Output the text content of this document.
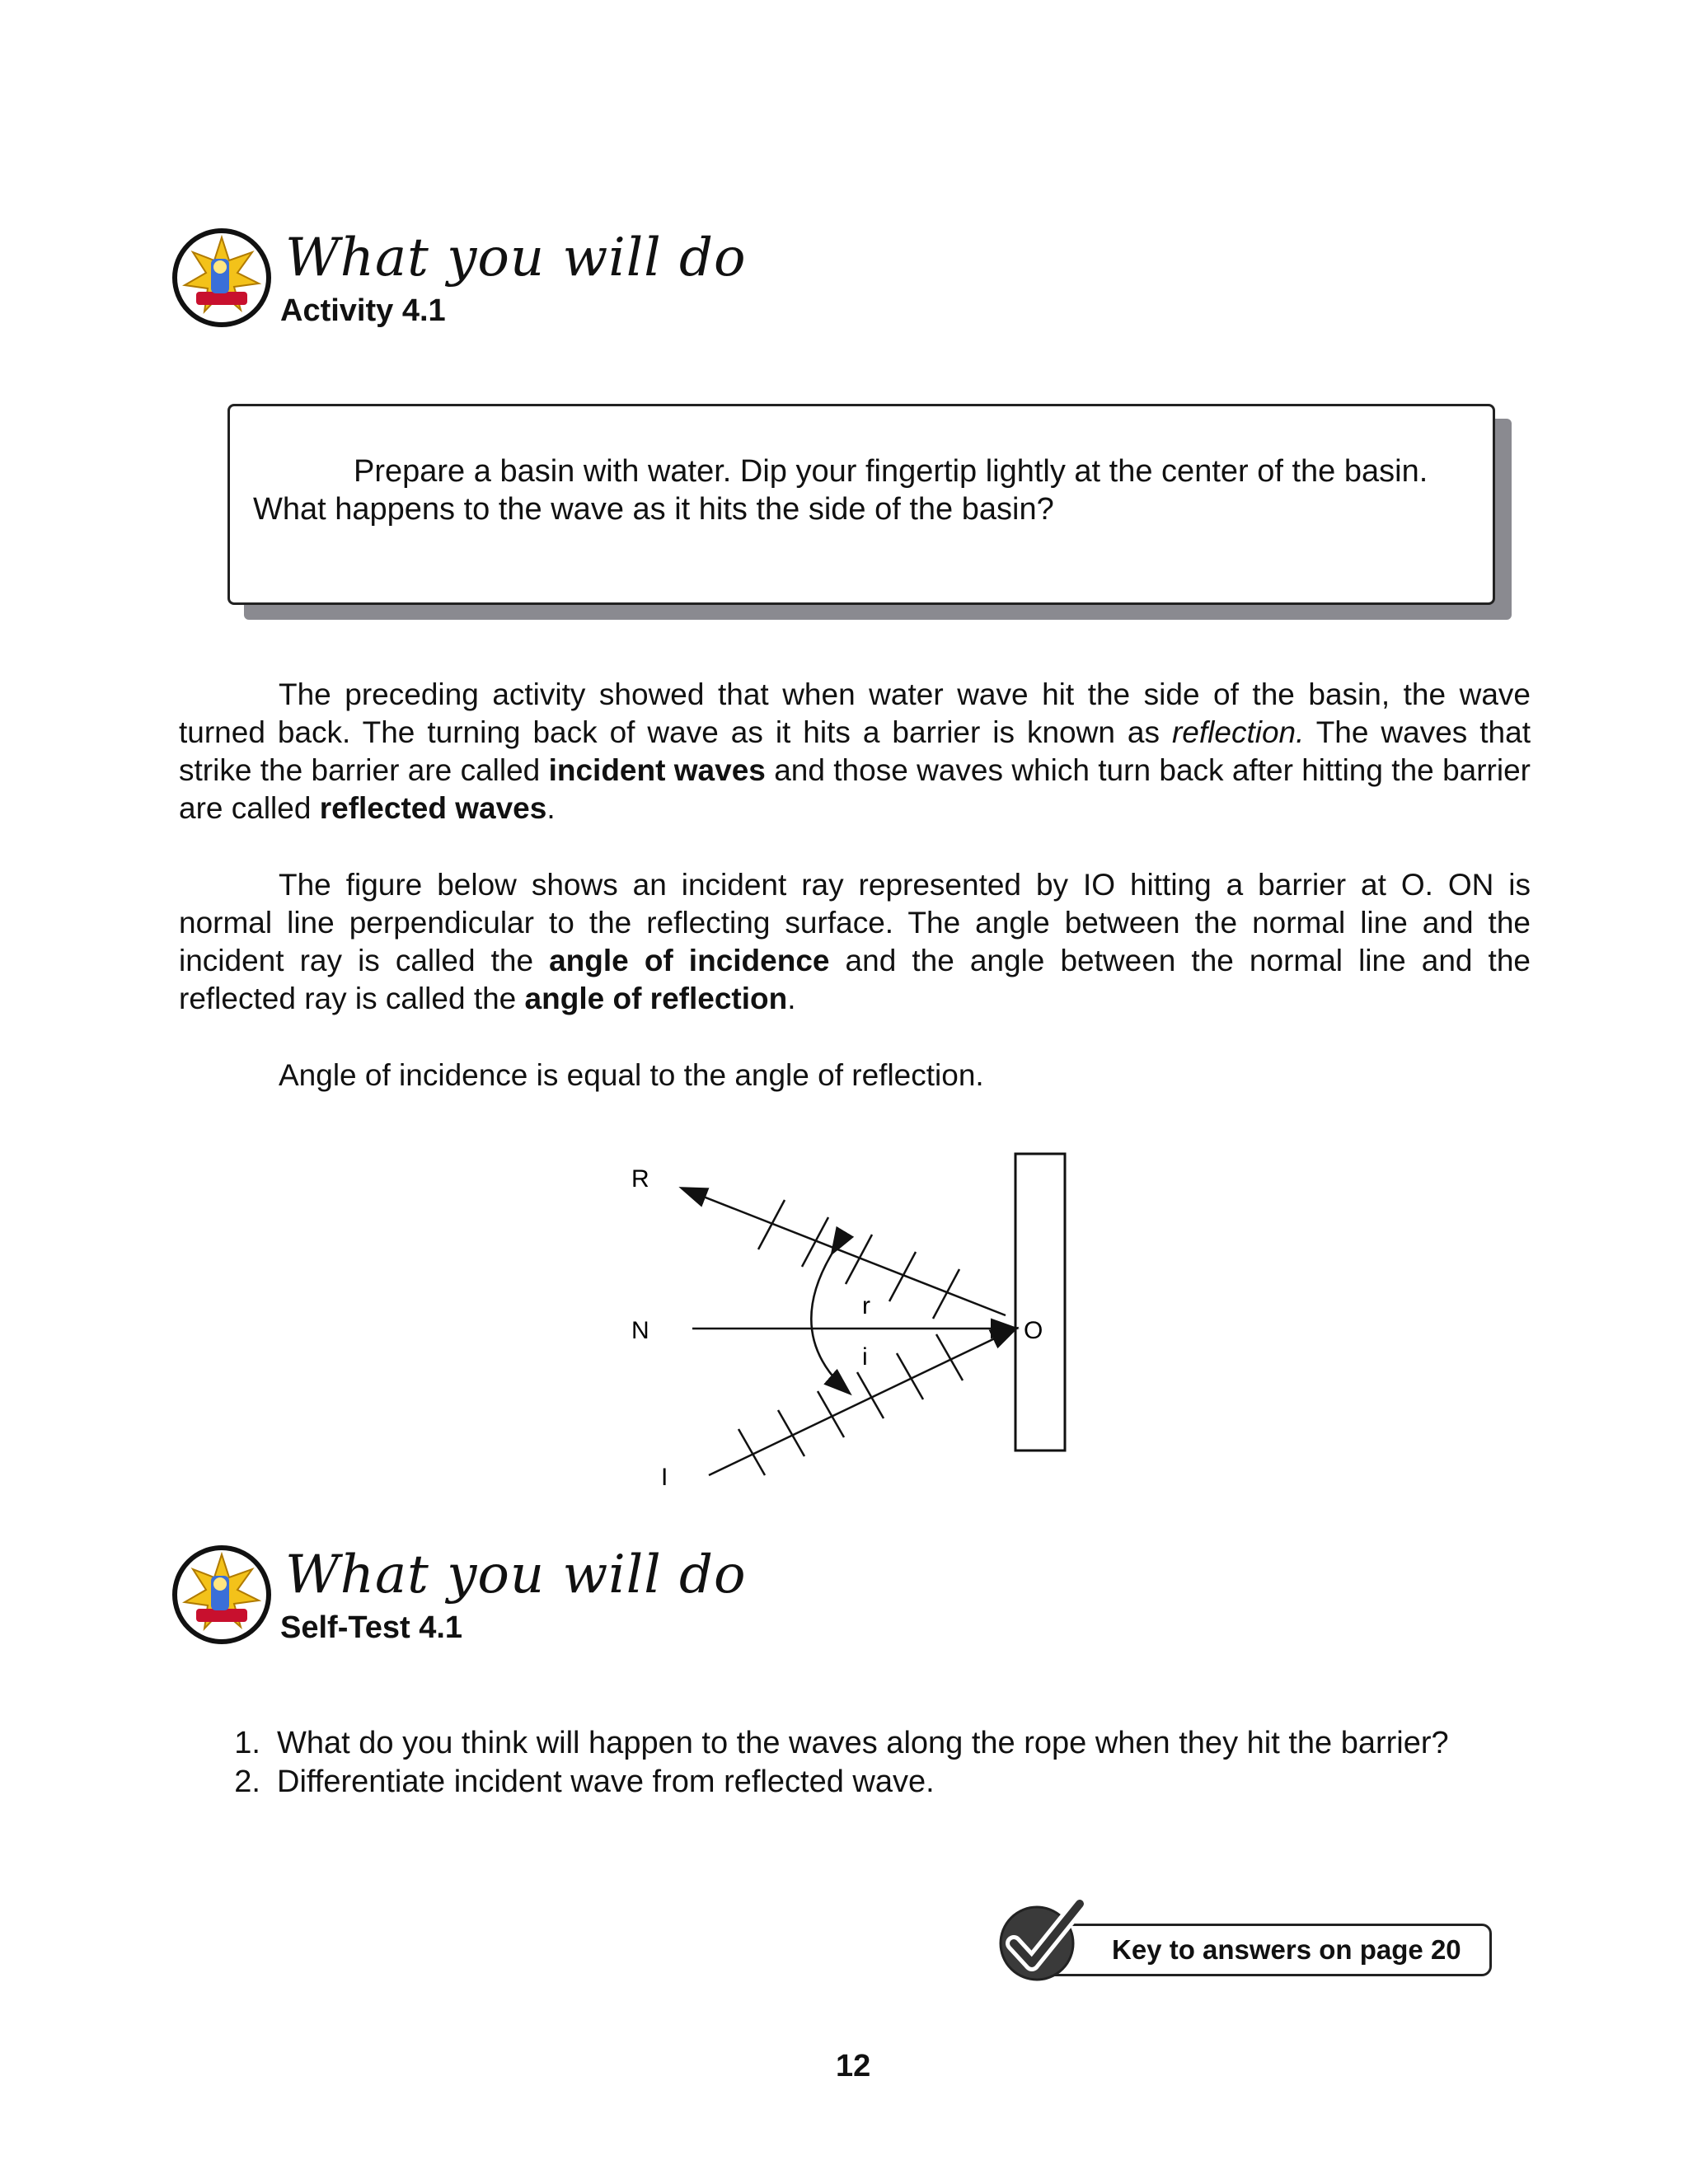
What you will do
Activity 4.1
Prepare a basin with water. Dip your fingertip lightly at the center of the basin. What happens to the wave as it hits the side of the basin?

The preceding activity showed that when water wave hit the side of the basin, the wave turned back. The turning back of wave as it hits a barrier is known as reflection. The waves that strike the barrier are called incident waves and those waves which turn back after hitting the barrier are called reflected waves.

The figure below shows an incident ray represented by IO hitting a barrier at O. ON is normal line perpendicular to the reflecting surface. The angle between the normal line and the incident ray is called the angle of incidence and the angle between the normal line and the reflected ray is called the angle of reflection.

Angle of incidence is equal to the angle of reflection.

R
N	O
I
r
i
What you will do
Self-Test 4.1
1. What do you think will happen to the waves along the rope when they hit the barrier?
2. Differentiate incident wave from reflected wave.
Key to answers on page 20
12
